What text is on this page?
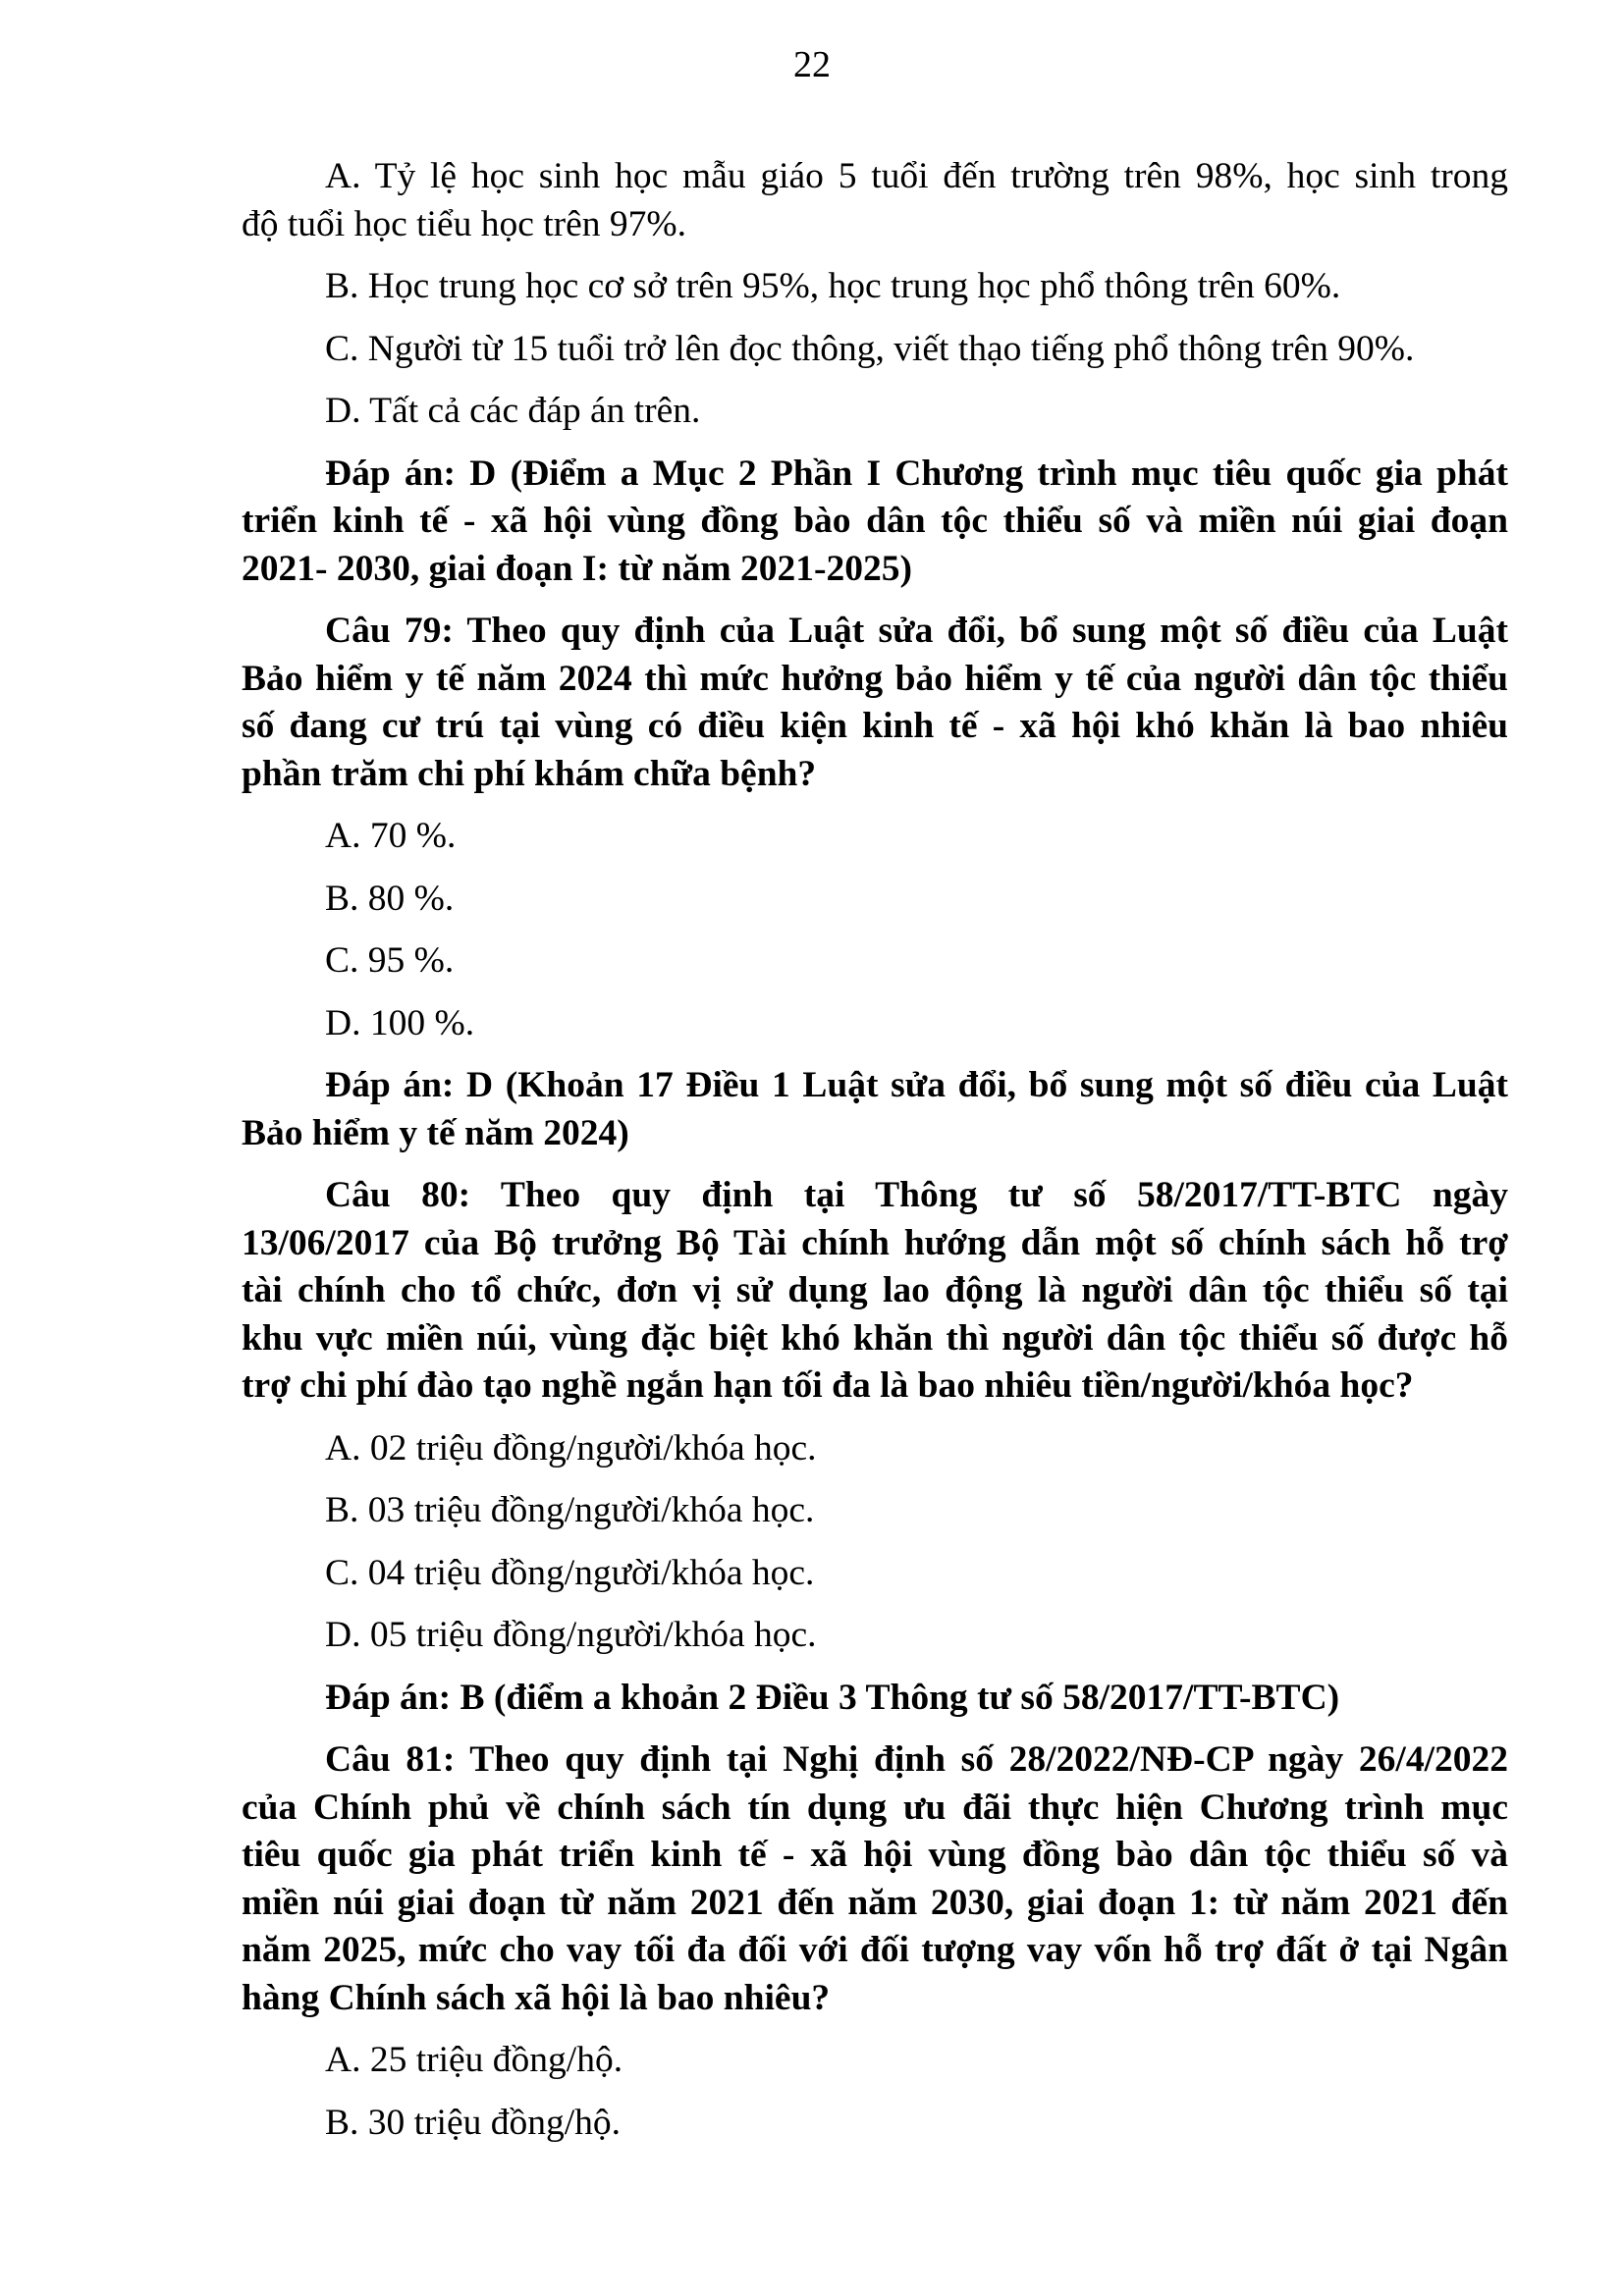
22
A. Tỷ lệ học sinh học mẫu giáo 5 tuổi đến trường trên 98%, học sinh trong
độ tuổi học tiểu học trên 97%.
B. Học trung học cơ sở trên 95%, học trung học phổ thông trên 60%.
C. Người từ 15 tuổi trở lên đọc thông, viết thạo tiếng phổ thông trên 90%.
D. Tất cả các đáp án trên.
Đáp án: D (Điểm a Mục 2 Phần I Chương trình mục tiêu quốc gia phát
triển kinh tế - xã hội vùng đồng bào dân tộc thiểu số và miền núi giai đoạn
2021- 2030, giai đoạn I: từ năm 2021-2025)
Câu 79: Theo quy định của Luật sửa đổi, bổ sung một số điều của Luật
Bảo hiểm y tế năm 2024 thì mức hưởng bảo hiểm y tế của người dân tộc thiểu
số đang cư trú tại vùng có điều kiện kinh tế - xã hội khó khăn là bao nhiêu
phần trăm chi phí khám chữa bệnh?
A. 70 %.
B. 80 %.
C. 95 %.
D. 100 %.
Đáp án: D (Khoản 17 Điều 1 Luật sửa đổi, bổ sung một số điều của Luật
Bảo hiểm y tế năm 2024)
Câu 80: Theo quy định tại Thông tư số 58/2017/TT-BTC ngày
13/06/2017 của Bộ trưởng Bộ Tài chính hướng dẫn một số chính sách hỗ trợ
tài chính cho tổ chức, đơn vị sử dụng lao động là người dân tộc thiểu số tại
khu vực miền núi, vùng đặc biệt khó khăn thì người dân tộc thiểu số được hỗ
trợ chi phí đào tạo nghề ngắn hạn tối đa là bao nhiêu tiền/người/khóa học?
A. 02 triệu đồng/người/khóa học.
B. 03 triệu đồng/người/khóa học.
C. 04 triệu đồng/người/khóa học.
D. 05 triệu đồng/người/khóa học.
Đáp án: B (điểm a khoản 2 Điều 3 Thông tư số 58/2017/TT-BTC)
Câu 81: Theo quy định tại Nghị định số 28/2022/NĐ-CP ngày 26/4/2022
của Chính phủ về chính sách tín dụng ưu đãi thực hiện Chương trình mục
tiêu quốc gia phát triển kinh tế - xã hội vùng đồng bào dân tộc thiểu số và
miền núi giai đoạn từ năm 2021 đến năm 2030, giai đoạn 1: từ năm 2021 đến
năm 2025, mức cho vay tối đa đối với đối tượng vay vốn hỗ trợ đất ở tại Ngân
hàng Chính sách xã hội là bao nhiêu?
A. 25 triệu đồng/hộ.
B. 30 triệu đồng/hộ.
